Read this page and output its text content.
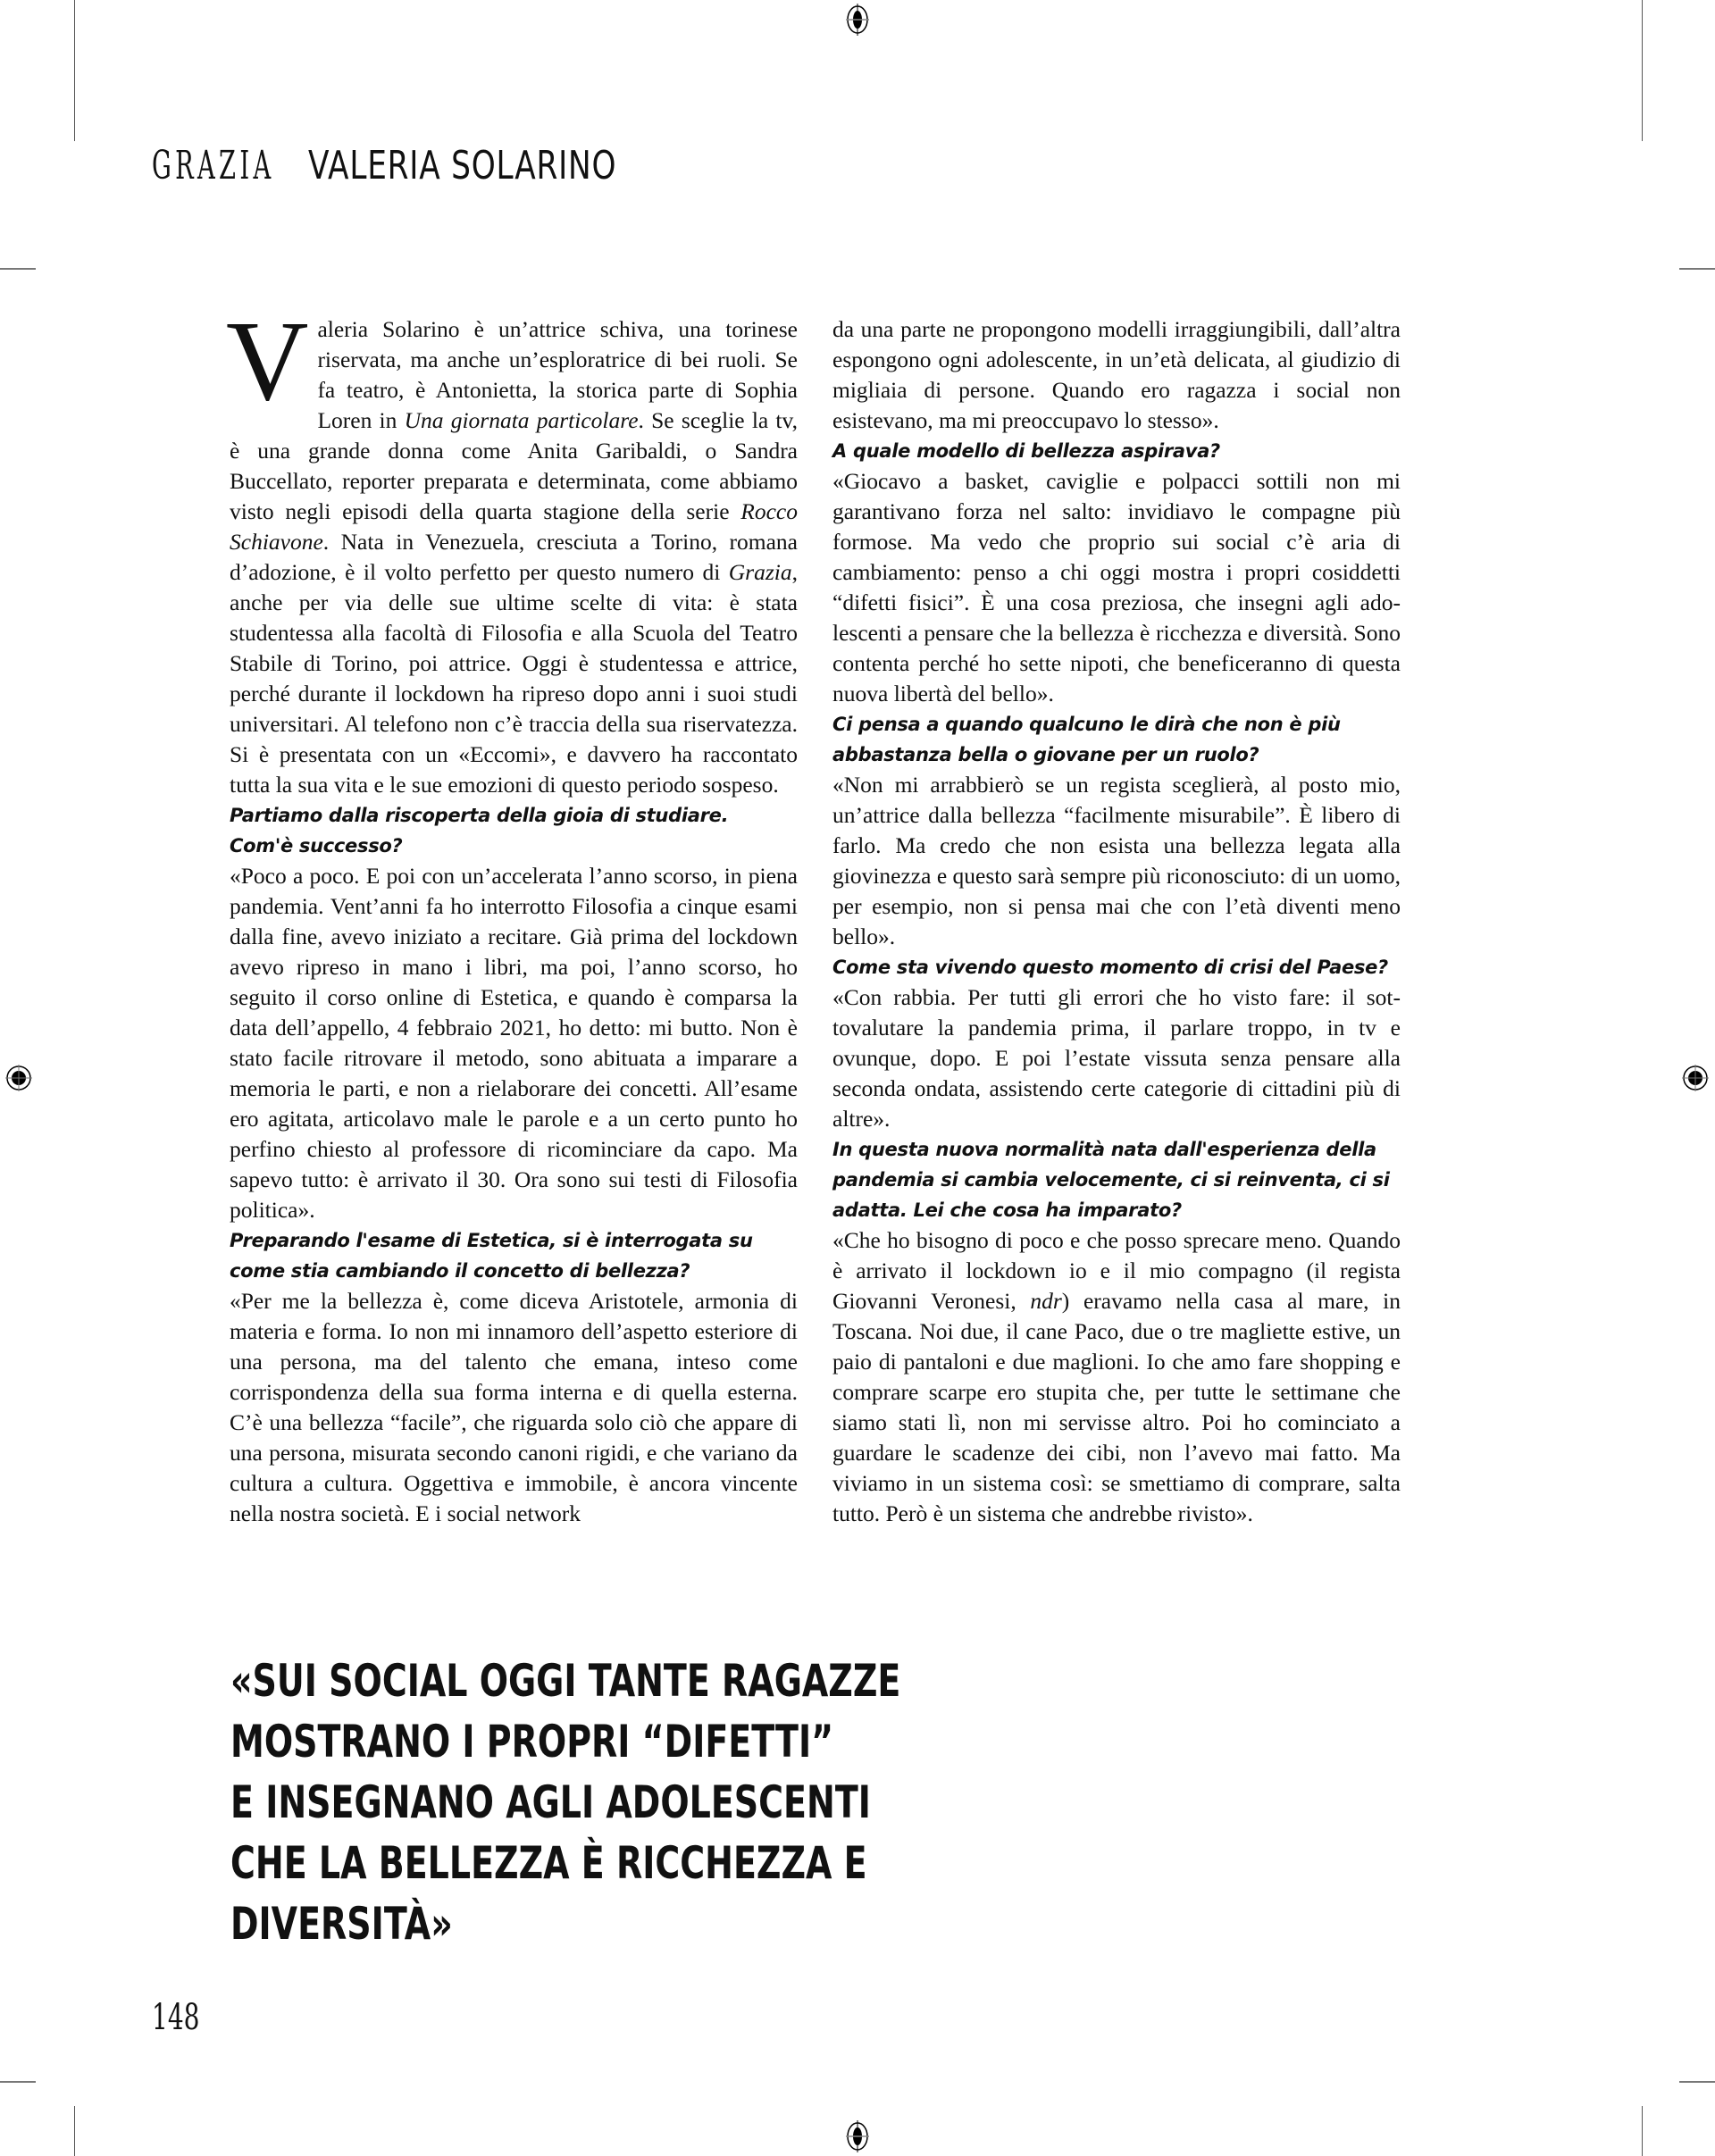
GRAZIA VALERIA SOLARINO

Valeria Solarino è un’attrice schiva, una torinese riservata, ma anche un’esploratrice di bei ruoli. Se fa teatro, è Antonietta, la storica parte di Sophia Loren in Una giornata particolare. Se sceglie la tv, è una grande donna come Anita Garibaldi, o Sandra Buccellato, reporter preparata e determinata, come abbiamo visto negli episodi della quarta stagione della serie Rocco Schiavone. Nata in Venezuela, cresciuta a Torino, romana d’adozione, è il volto perfetto per questo numero di Grazia, anche per via delle sue ultime scelte di vita: è stata studentessa alla facoltà di Filosofia e alla Scuola del Teatro Stabile di Torino, poi attrice. Oggi è studentessa e attrice, perché durante il lockdown ha ripreso dopo anni i suoi studi universitari. Al telefono non c’è traccia della sua riservatezza. Si è presentata con un «Eccomi», e davvero ha raccontato tutta la sua vita e le sue emozioni di questo periodo sospeso.

Partiamo dalla riscoperta della gioia di studiare. Com'è successo?

«Poco a poco. E poi con un’accelerata l’anno scorso, in piena pandemia. Vent’anni fa ho interrotto Filosofia a cinque esami dalla fine, avevo iniziato a recitare. Già prima del lockdown avevo ripreso in mano i libri, ma poi, l’anno scorso, ho seguito il corso online di Estetica, e quando è comparsa la data dell’appello, 4 febbraio 2021, ho detto: mi butto. Non è stato facile ritrovare il metodo, sono abituata a imparare a memoria le parti, e non a rielaborare dei concetti. All’esame ero agitata, articolavo male le parole e a un certo punto ho perfino chiesto al professore di ricominciare da capo. Ma sapevo tutto: è arrivato il 30. Ora sono sui testi di Filosofia politica».

Preparando l'esame di Estetica, si è interrogata su come stia cambiando il concetto di bellezza?

«Per me la bellezza è, come diceva Aristotele, armonia di materia e forma. Io non mi innamoro dell’aspetto esteriore di una persona, ma del talento che emana, inteso come corrispondenza della sua forma interna e di quella esterna. C’è una bellezza “facile”, che riguarda solo ciò che appare di una persona, misurata secondo canoni rigidi, e che variano da cultura a cultura. Oggettiva e immobile, è ancora vincente nella nostra società. E i social network

da una parte ne propongono modelli irraggiungibili, dall’altra espongono ogni adolescente, in un’età delicata, al giudizio di migliaia di persone. Quando ero ragazza i social non esistevano, ma mi preoccupavo lo stesso».

A quale modello di bellezza aspirava?

«Giocavo a basket, caviglie e polpacci sottili non mi garantivano forza nel salto: invidiavo le compagne più formose. Ma vedo che proprio sui social c’è aria di cambiamento: penso a chi oggi mostra i propri cosiddetti “difetti fisici”. È una cosa preziosa, che insegni agli adolescenti a pensare che la bellezza è ricchezza e diversità. Sono contenta perché ho sette nipoti, che beneficeranno di questa nuova libertà del bello».

Ci pensa a quando qualcuno le dirà che non è più abbastanza bella o giovane per un ruolo?

«Non mi arrabbierò se un regista sceglierà, al posto mio, un’attrice dalla bellezza “facilmente misurabile”. È libero di farlo. Ma credo che non esista una bellezza legata alla giovinezza e questo sarà sempre più riconosciuto: di un uomo, per esempio, non si pensa mai che con l’età diventi meno bello».

Come sta vivendo questo momento di crisi del Paese?

«Con rabbia. Per tutti gli errori che ho visto fare: il sottovalutare la pandemia prima, il parlare troppo, in tv e ovunque, dopo. E poi l’estate vissuta senza pensare alla seconda ondata, assistendo certe categorie di cittadini più di altre».

In questa nuova normalità nata dall'esperienza della pandemia si cambia velocemente, ci si reinventa, ci si adatta. Lei che cosa ha imparato?

«Che ho bisogno di poco e che posso sprecare meno. Quando è arrivato il lockdown io e il mio compagno (il regista Giovanni Veronesi, ndr) eravamo nella casa al mare, in Toscana. Noi due, il cane Paco, due o tre magliette estive, un paio di pantaloni e due maglioni. Io che amo fare shopping e comprare scarpe ero stupita che, per tutte le settimane che siamo stati lì, non mi servisse altro. Poi ho cominciato a guardare le scadenze dei cibi, non l’avevo mai fatto. Ma viviamo in un sistema così: se smettiamo di comprare, salta tutto. Però è un sistema che andrebbe rivisto».

«SUI SOCIAL OGGI TANTE RAGAZZE
MOSTRANO I PROPRI “DIFETTI”
E INSEGNANO AGLI ADOLESCENTI
CHE LA BELLEZZA È RICCHEZZA E
DIVERSITÀ»
148
